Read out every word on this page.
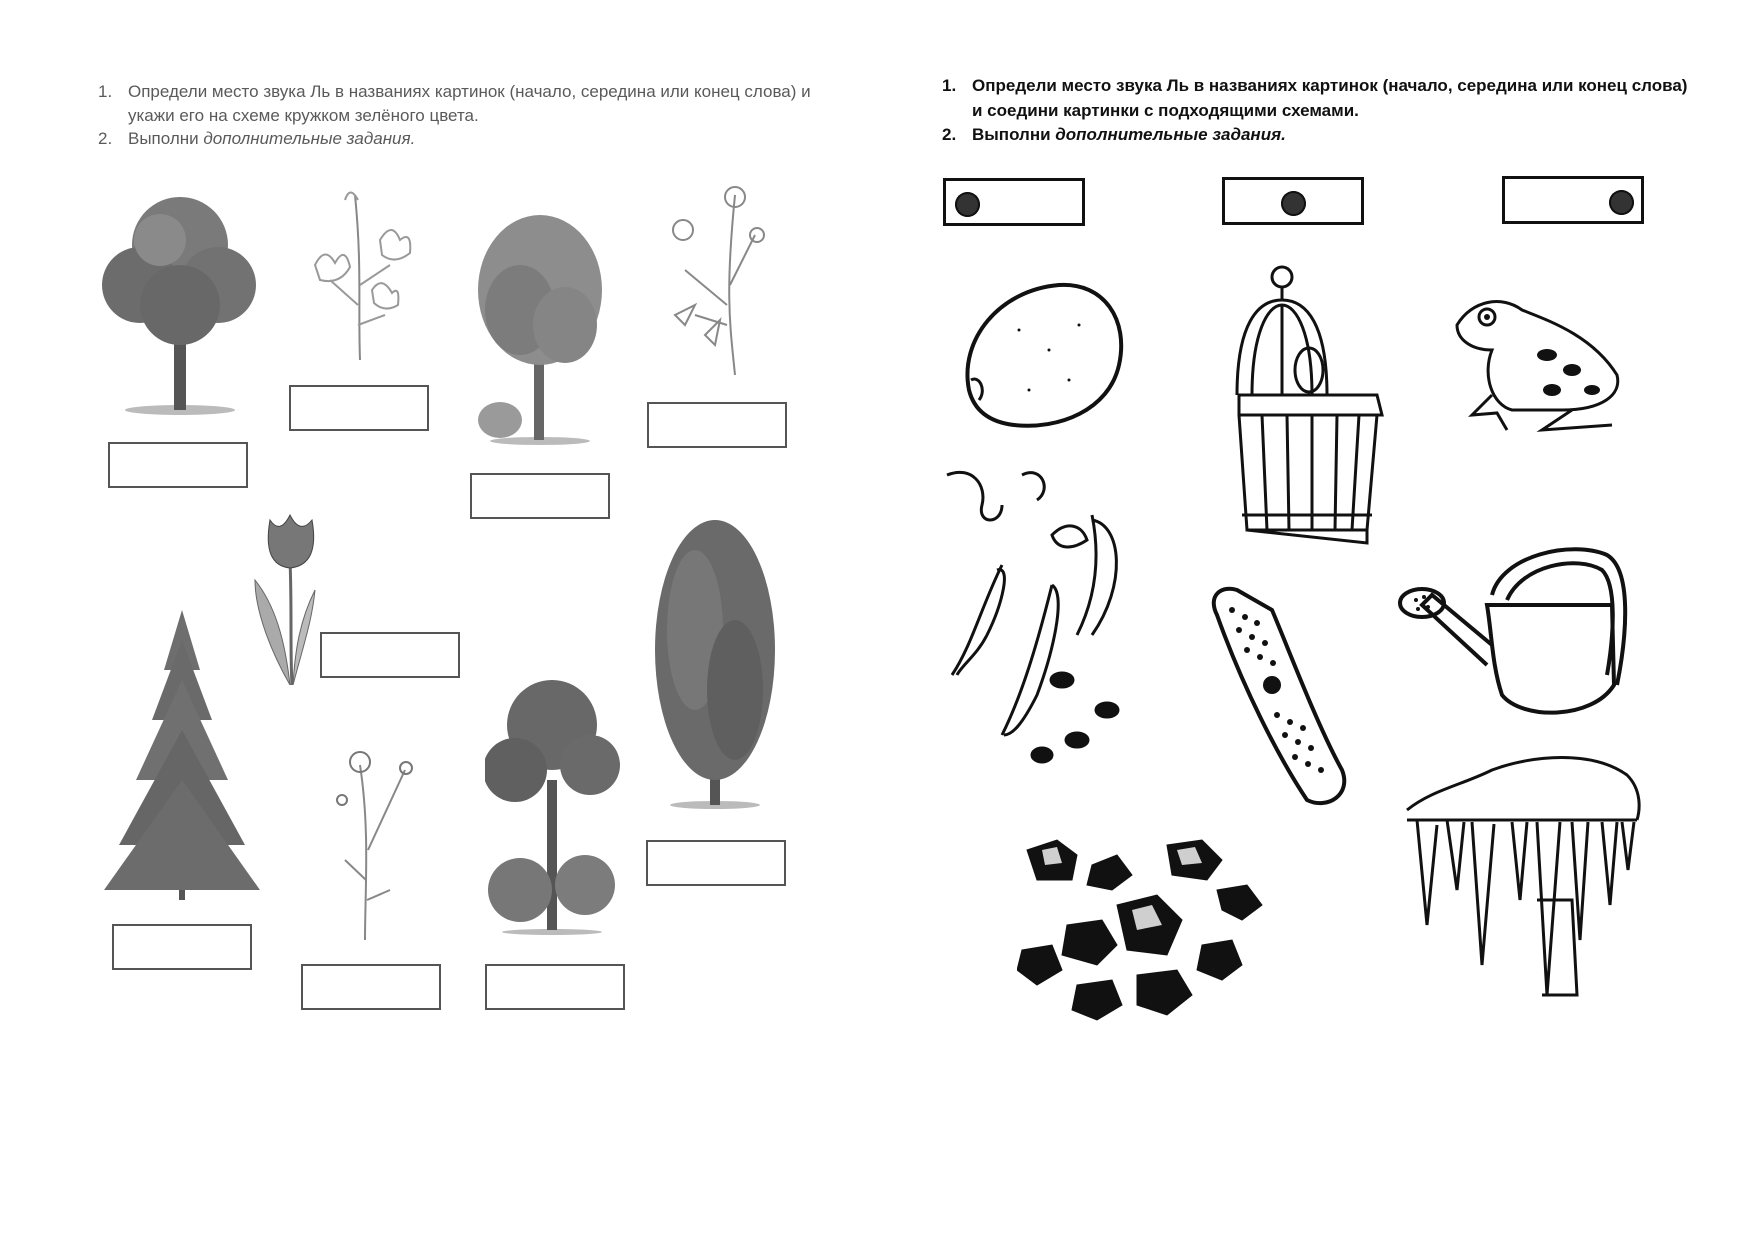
1. Определи место звука Ль в названиях картинок (начало, середина или конец слова) и укажи его на схеме кружком зелёного цвета.
2. Выполни дополнительные задания.
1. Определи место звука Ль в названиях картинок (начало, середина или конец слова) и соедини картинки с подходящими схемами.
2. Выполни дополнительные задания.
